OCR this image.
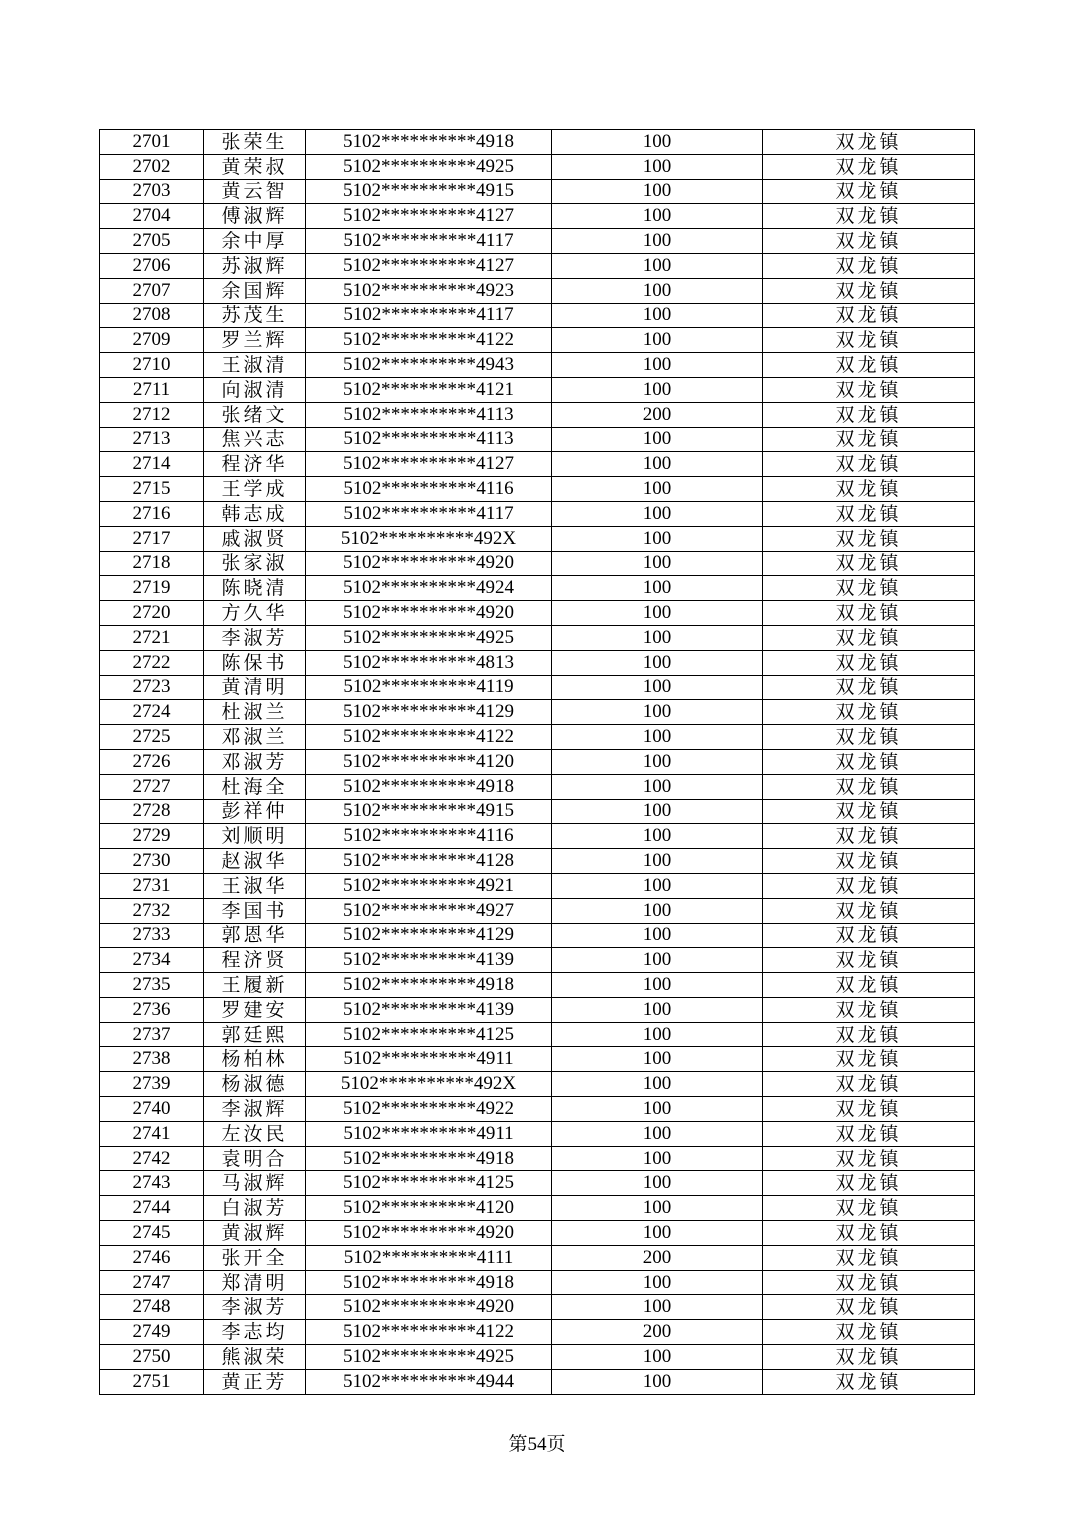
2701	张荣生	5102**********4918	100	双龙镇
2702	黄荣叔	5102**********4925	100	双龙镇
2703	黄云智	5102**********4915	100	双龙镇
2704	傅淑辉	5102**********4127	100	双龙镇
2705	余中厚	5102**********4117	100	双龙镇
2706	苏淑辉	5102**********4127	100	双龙镇
2707	余国辉	5102**********4923	100	双龙镇
2708	苏茂生	5102**********4117	100	双龙镇
2709	罗兰辉	5102**********4122	100	双龙镇
2710	王淑清	5102**********4943	100	双龙镇
2711	向淑清	5102**********4121	100	双龙镇
2712	张绪文	5102**********4113	200	双龙镇
2713	焦兴志	5102**********4113	100	双龙镇
2714	程济华	5102**********4127	100	双龙镇
2715	王学成	5102**********4116	100	双龙镇
2716	韩志成	5102**********4117	100	双龙镇
2717	戚淑贤	5102**********492X	100	双龙镇
2718	张家淑	5102**********4920	100	双龙镇
2719	陈晓清	5102**********4924	100	双龙镇
2720	方久华	5102**********4920	100	双龙镇
2721	李淑芳	5102**********4925	100	双龙镇
2722	陈保书	5102**********4813	100	双龙镇
2723	黄清明	5102**********4119	100	双龙镇
2724	杜淑兰	5102**********4129	100	双龙镇
2725	邓淑兰	5102**********4122	100	双龙镇
2726	邓淑芳	5102**********4120	100	双龙镇
2727	杜海全	5102**********4918	100	双龙镇
2728	彭祥仲	5102**********4915	100	双龙镇
2729	刘顺明	5102**********4116	100	双龙镇
2730	赵淑华	5102**********4128	100	双龙镇
2731	王淑华	5102**********4921	100	双龙镇
2732	李国书	5102**********4927	100	双龙镇
2733	郭恩华	5102**********4129	100	双龙镇
2734	程济贤	5102**********4139	100	双龙镇
2735	王履新	5102**********4918	100	双龙镇
2736	罗建安	5102**********4139	100	双龙镇
2737	郭廷熙	5102**********4125	100	双龙镇
2738	杨柏林	5102**********4911	100	双龙镇
2739	杨淑德	5102**********492X	100	双龙镇
2740	李淑辉	5102**********4922	100	双龙镇
2741	左汝民	5102**********4911	100	双龙镇
2742	袁明合	5102**********4918	100	双龙镇
2743	马淑辉	5102**********4125	100	双龙镇
2744	白淑芳	5102**********4120	100	双龙镇
2745	黄淑辉	5102**********4920	100	双龙镇
2746	张开全	5102**********4111	200	双龙镇
2747	郑清明	5102**********4918	100	双龙镇
2748	李淑芳	5102**********4920	100	双龙镇
2749	李志均	5102**********4122	200	双龙镇
2750	熊淑荣	5102**********4925	100	双龙镇
2751	黄正芳	5102**********4944	100	双龙镇
第54页
